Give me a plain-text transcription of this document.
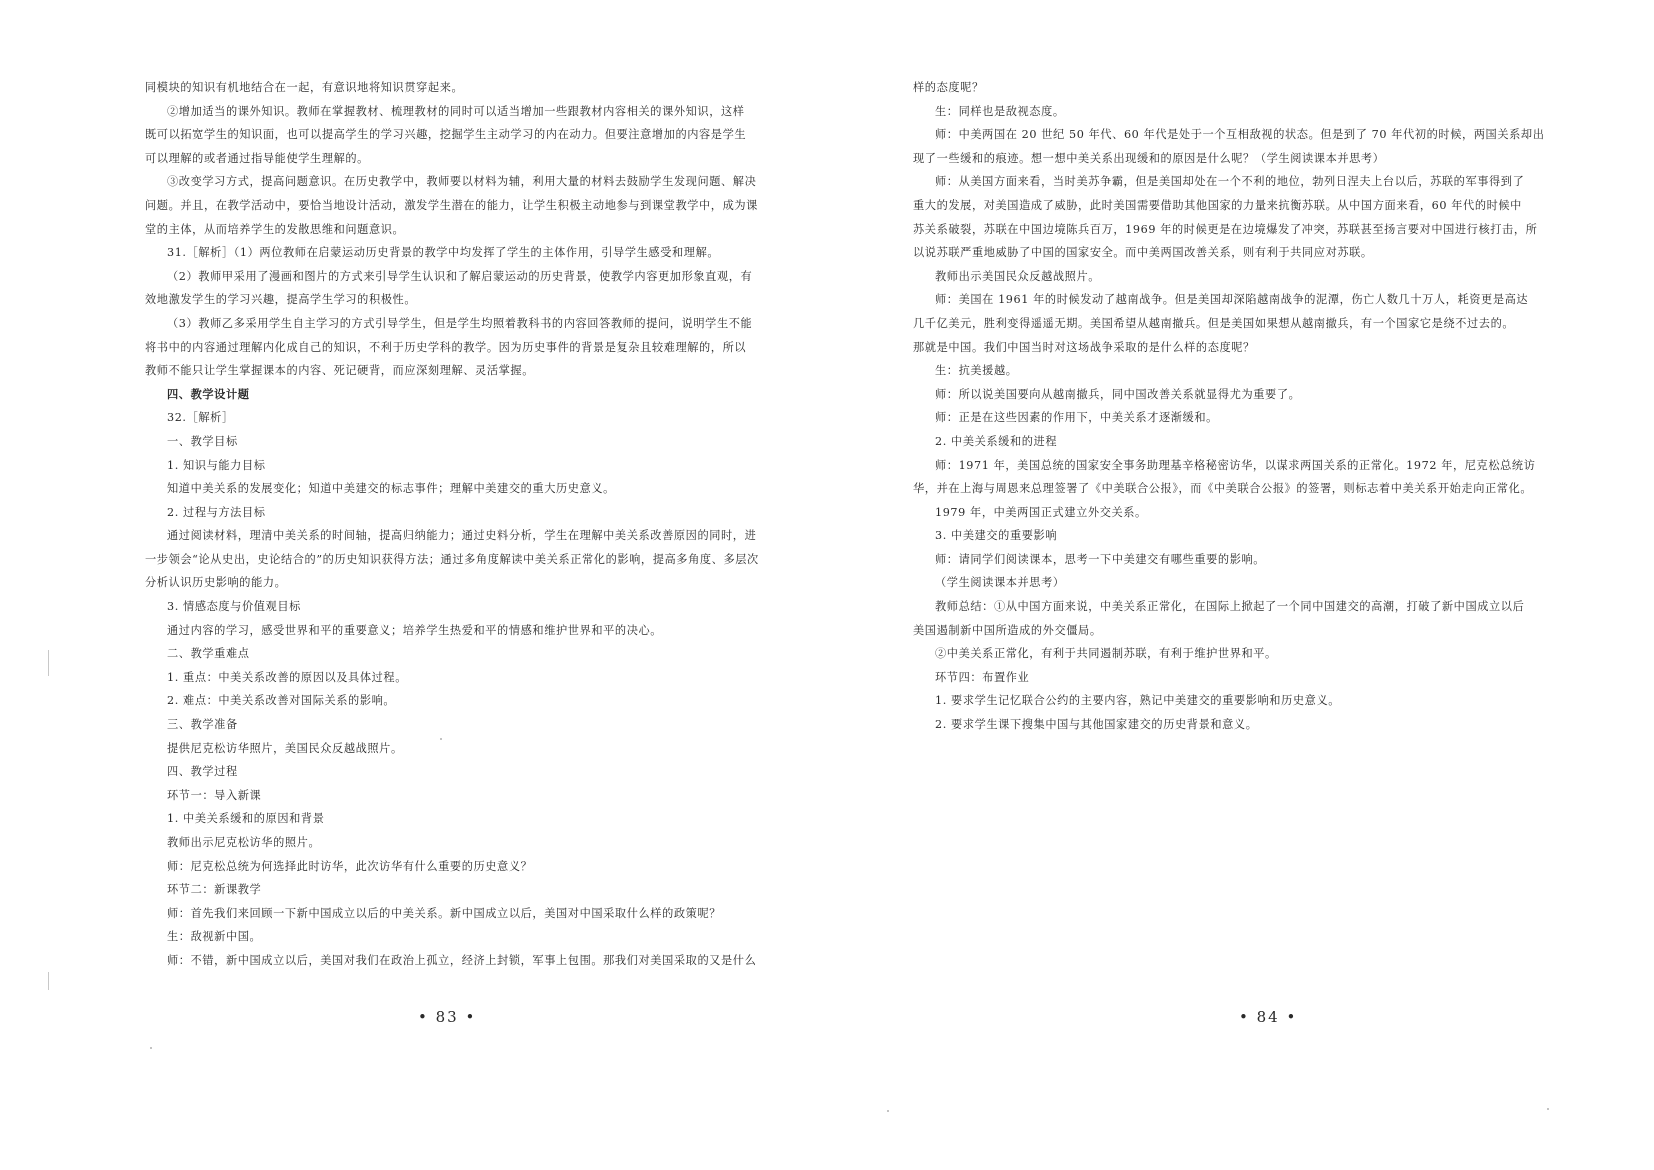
同模块的知识有机地结合在一起，有意识地将知识贯穿起来。
②增加适当的课外知识。教师在掌握教材、梳理教材的同时可以适当增加一些跟教材内容相关的课外知识，这样
既可以拓宽学生的知识面，也可以提高学生的学习兴趣，挖掘学生主动学习的内在动力。但要注意增加的内容是学生
可以理解的或者通过指导能使学生理解的。
③改变学习方式，提高问题意识。在历史教学中，教师要以材料为辅，利用大量的材料去鼓励学生发现问题、解决
问题。并且，在教学活动中，要恰当地设计活动，激发学生潜在的能力，让学生积极主动地参与到课堂教学中，成为课
堂的主体，从而培养学生的发散思维和问题意识。
31.［解析］（1）两位教师在启蒙运动历史背景的教学中均发挥了学生的主体作用，引导学生感受和理解。
（2）教师甲采用了漫画和图片的方式来引导学生认识和了解启蒙运动的历史背景，使教学内容更加形象直观，有
效地激发学生的学习兴趣，提高学生学习的积极性。
（3）教师乙多采用学生自主学习的方式引导学生，但是学生均照着教科书的内容回答教师的提问，说明学生不能
将书中的内容通过理解内化成自己的知识，不利于历史学科的教学。因为历史事件的背景是复杂且较难理解的，所以
教师不能只让学生掌握课本的内容、死记硬背，而应深刻理解、灵活掌握。
四、教学设计题
32.［解析］
一、教学目标
1. 知识与能力目标
知道中美关系的发展变化；知道中美建交的标志事件；理解中美建交的重大历史意义。
2. 过程与方法目标
通过阅读材料，理清中美关系的时间轴，提高归纳能力；通过史料分析，学生在理解中美关系改善原因的同时，进
一步领会“论从史出，史论结合的”的历史知识获得方法；通过多角度解读中美关系正常化的影响，提高多角度、多层次
分析认识历史影响的能力。
3. 情感态度与价值观目标
通过内容的学习，感受世界和平的重要意义；培养学生热爱和平的情感和维护世界和平的决心。
二、教学重难点
1. 重点：中美关系改善的原因以及具体过程。
2. 难点：中美关系改善对国际关系的影响。
三、教学准备
提供尼克松访华照片，美国民众反越战照片。
四、教学过程
环节一：导入新课
1. 中美关系缓和的原因和背景
教师出示尼克松访华的照片。
师：尼克松总统为何选择此时访华，此次访华有什么重要的历史意义？
环节二：新课教学
师：首先我们来回顾一下新中国成立以后的中美关系。新中国成立以后，美国对中国采取什么样的政策呢？
生：敌视新中国。
师：不错，新中国成立以后，美国对我们在政治上孤立，经济上封锁，军事上包围。那我们对美国采取的又是什么
• 83 •
样的态度呢？
生：同样也是敌视态度。
师：中美两国在 20 世纪 50 年代、60 年代是处于一个互相敌视的状态。但是到了 70 年代初的时候，两国关系却出
现了一些缓和的痕迹。想一想中美关系出现缓和的原因是什么呢？（学生阅读课本并思考）
师：从美国方面来看，当时美苏争霸，但是美国却处在一个不利的地位，勃列日涅夫上台以后，苏联的军事得到了
重大的发展，对美国造成了威胁，此时美国需要借助其他国家的力量来抗衡苏联。从中国方面来看，60 年代的时候中
苏关系破裂，苏联在中国边境陈兵百万，1969 年的时候更是在边境爆发了冲突，苏联甚至扬言要对中国进行核打击，所
以说苏联严重地威胁了中国的国家安全。而中美两国改善关系，则有利于共同应对苏联。
教师出示美国民众反越战照片。
师：美国在 1961 年的时候发动了越南战争。但是美国却深陷越南战争的泥潭，伤亡人数几十万人，耗资更是高达
几千亿美元，胜利变得遥遥无期。美国希望从越南撤兵。但是美国如果想从越南撤兵，有一个国家它是绕不过去的。
那就是中国。我们中国当时对这场战争采取的是什么样的态度呢？
生：抗美援越。
师：所以说美国要向从越南撤兵，同中国改善关系就显得尤为重要了。
师：正是在这些因素的作用下，中美关系才逐渐缓和。
2. 中美关系缓和的进程
师：1971 年，美国总统的国家安全事务助理基辛格秘密访华，以谋求两国关系的正常化。1972 年，尼克松总统访
华，并在上海与周恩来总理签署了《中美联合公报》，而《中美联合公报》的签署，则标志着中美关系开始走向正常化。
1979 年，中美两国正式建立外交关系。
3. 中美建交的重要影响
师：请同学们阅读课本，思考一下中美建交有哪些重要的影响。
（学生阅读课本并思考）
教师总结：①从中国方面来说，中美关系正常化，在国际上掀起了一个同中国建交的高潮，打破了新中国成立以后
美国遏制新中国所造成的外交僵局。
②中美关系正常化，有利于共同遏制苏联，有利于维护世界和平。
环节四：布置作业
1. 要求学生记忆联合公约的主要内容，熟记中美建交的重要影响和历史意义。
2. 要求学生课下搜集中国与其他国家建交的历史背景和意义。
• 84 •
